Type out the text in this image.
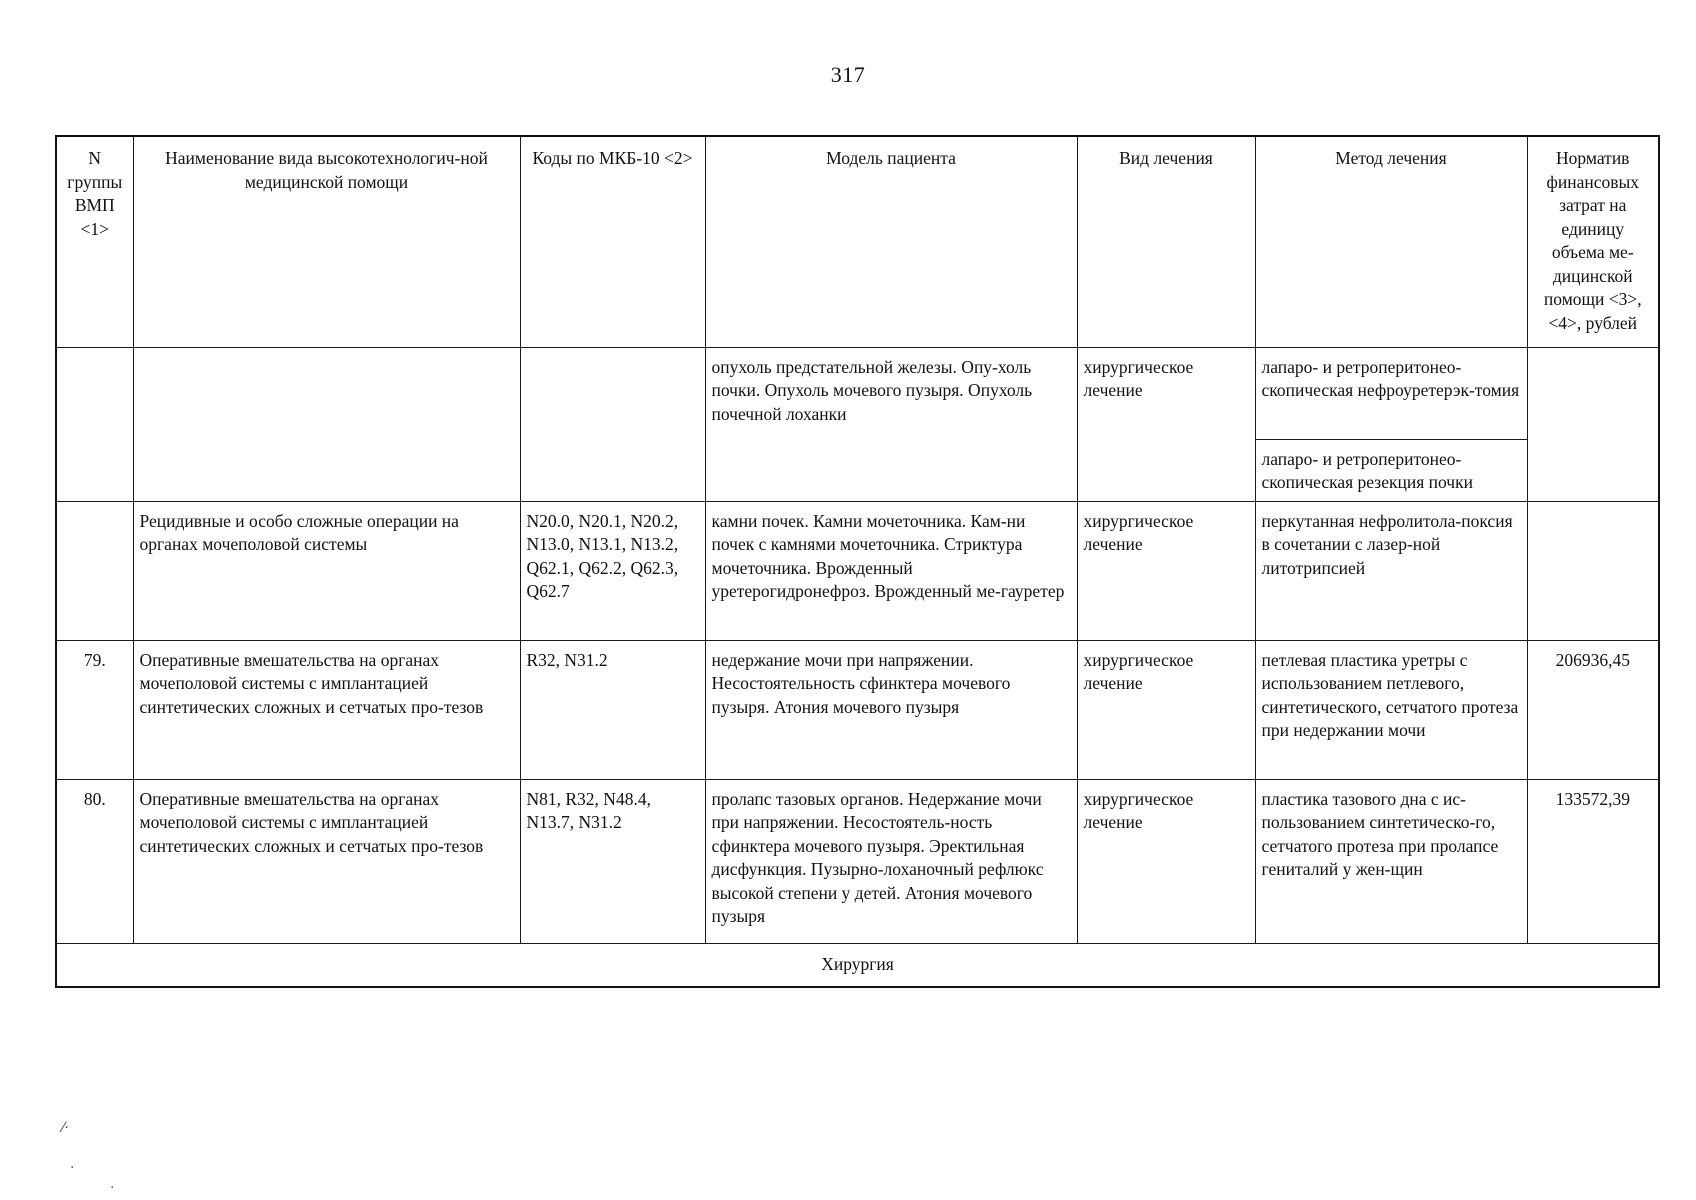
317
N группы ВМП <1>	Наименование вида высокотехнологич-ной медицинской помощи	Коды по МКБ-10 <2>	Модель пациента	Вид лечения	Метод лечения	Норматив финансовых затрат на единицу объема ме-дицинской помощи <3>, <4>, рублей
			опухоль предстательной железы. Опу-холь почки. Опухоль мочевого пузыря. Опухоль почечной лоханки	хирургическое лечение	лапаро- и ретроперитонео-скопическая нефроуретерэк-томия	
					лапаро- и ретроперитонео-скопическая резекция почки	
	Рецидивные и особо сложные операции на органах мочеполовой системы	N20.0, N20.1, N20.2, N13.0, N13.1, N13.2, Q62.1, Q62.2, Q62.3, Q62.7	камни почек. Камни мочеточника. Кам-ни почек с камнями мочеточника. Стриктура мочеточника. Врожденный уретерогидронефроз. Врожденный ме-гауретер	хирургическое лечение	перкутанная нефролитола-поксия в сочетании с лазер-ной литотрипсией	
79.	Оперативные вмешательства на органах мочеполовой системы с имплантацией синтетических сложных и сетчатых про-тезов	R32, N31.2	недержание мочи при напряжении. Несостоятельность сфинктера мочевого пузыря. Атония мочевого пузыря	хирургическое лечение	петлевая пластика уретры с использованием петлевого, синтетического, сетчатого протеза при недержании мочи	206936,45
80.	Оперативные вмешательства на органах мочеполовой системы с имплантацией синтетических сложных и сетчатых про-тезов	N81, R32, N48.4, N13.7, N31.2	пролапс тазовых органов. Недержание мочи при напряжении. Несостоятель-ность сфинктера мочевого пузыря. Эректильная дисфункция. Пузырно-лоханочный рефлюкс высокой степени у детей. Атония мочевого пузыря	хирургическое лечение	пластика тазового дна с ис-пользованием синтетическо-го, сетчатого протеза при пролапсе гениталий у жен-щин	133572,39
Хирургия						
⁄·
·
·
